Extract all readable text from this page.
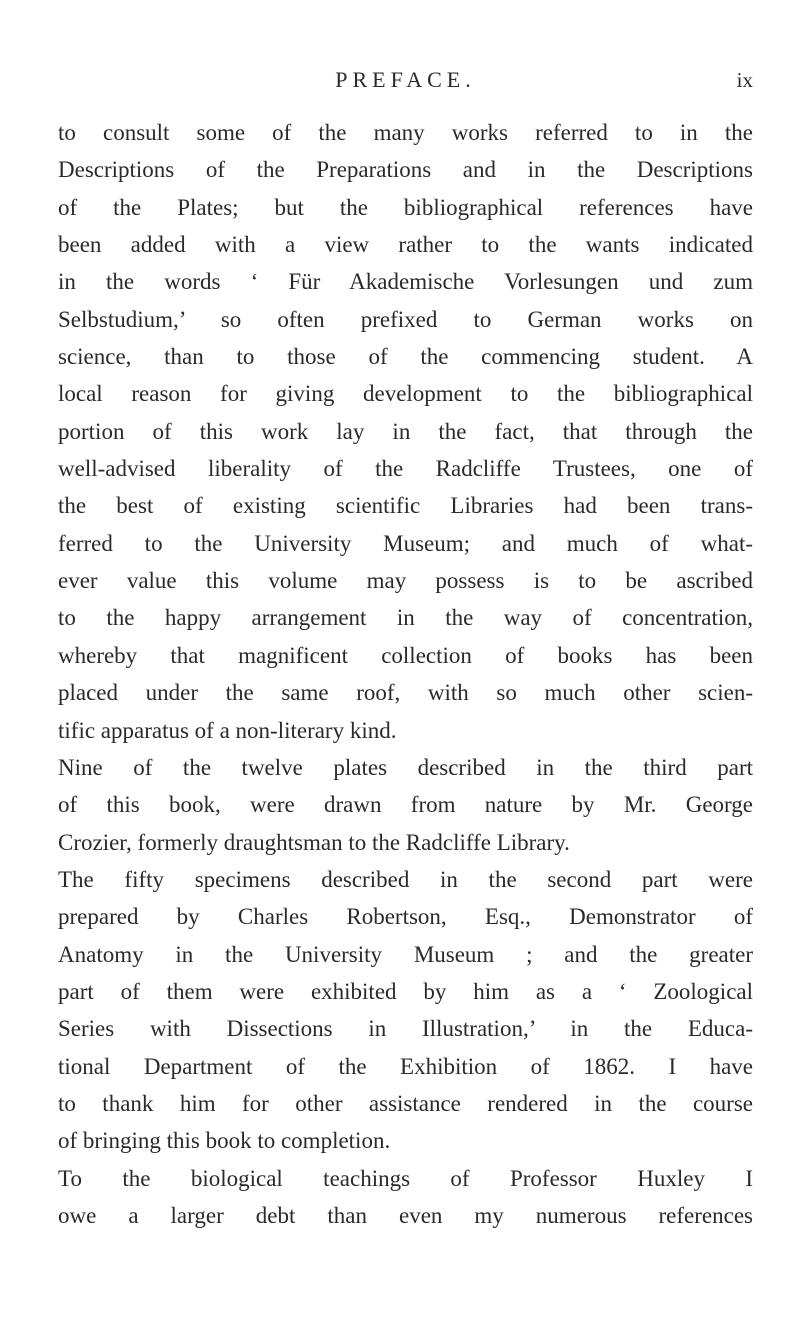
PREFACE.	ix
to consult some of the many works referred to in the
Descriptions of the Preparations and in the Descriptions
of the Plates; but the bibliographical references have
been added with a view rather to the wants indicated
in the words ‘ Für Akademische Vorlesungen und zum
Selbstudium,’ so often prefixed to German works on
science, than to those of the commencing student. A
local reason for giving development to the bibliographical
portion of this work lay in the fact, that through the
well-advised liberality of the Radcliffe Trustees, one of
the best of existing scientific Libraries had been trans-
ferred to the University Museum; and much of what-
ever value this volume may possess is to be ascribed
to the happy arrangement in the way of concentration,
whereby that magnificent collection of books has been
placed under the same roof, with so much other scien-
tific apparatus of a non-literary kind.
Nine of the twelve plates described in the third part
of this book, were drawn from nature by Mr. George
Crozier, formerly draughtsman to the Radcliffe Library.
The fifty specimens described in the second part were
prepared by Charles Robertson, Esq., Demonstrator of
Anatomy in the University Museum ; and the greater
part of them were exhibited by him as a ‘ Zoological
Series with Dissections in Illustration,’ in the Educa-
tional Department of the Exhibition of 1862. I have
to thank him for other assistance rendered in the course
of bringing this book to completion.
To the biological teachings of Professor Huxley I
owe a larger debt than even my numerous references
